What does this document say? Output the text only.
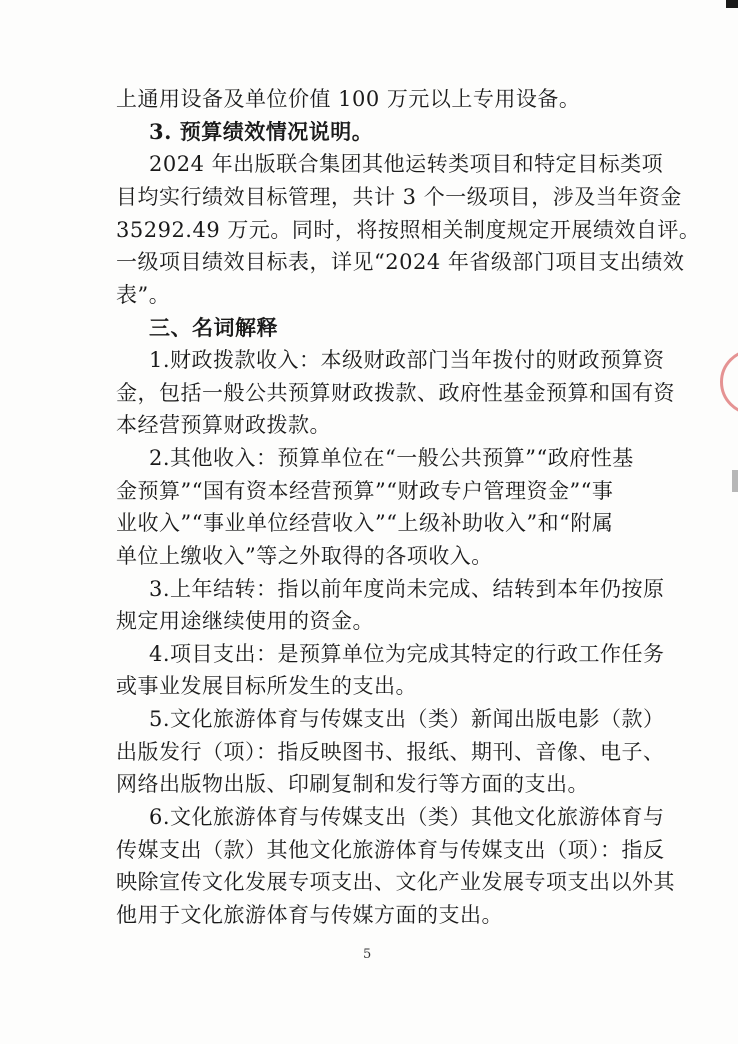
上通用设备及单位价值 100 万元以上专用设备。
3. 预算绩效情况说明。
2024 年出版联合集团其他运转类项目和特定目标类项
目均实行绩效目标管理，共计 3 个一级项目，涉及当年资金
35292.49 万元。同时，将按照相关制度规定开展绩效自评。
一级项目绩效目标表，详见“2024 年省级部门项目支出绩效
表”。
三、名词解释
1.财政拨款收入：本级财政部门当年拨付的财政预算资
金，包括一般公共预算财政拨款、政府性基金预算和国有资
本经营预算财政拨款。
2.其他收入：预算单位在“一般公共预算”“政府性基
金预算”“国有资本经营预算”“财政专户管理资金”“事
业收入”“事业单位经营收入”“上级补助收入”和“附属
单位上缴收入”等之外取得的各项收入。
3.上年结转：指以前年度尚未完成、结转到本年仍按原
规定用途继续使用的资金。
4.项目支出：是预算单位为完成其特定的行政工作任务
或事业发展目标所发生的支出。
5.文化旅游体育与传媒支出（类）新闻出版电影（款）
出版发行（项）：指反映图书、报纸、期刊、音像、电子、
网络出版物出版、印刷复制和发行等方面的支出。
6.文化旅游体育与传媒支出（类）其他文化旅游体育与
传媒支出（款）其他文化旅游体育与传媒支出（项）：指反
映除宣传文化发展专项支出、文化产业发展专项支出以外其
他用于文化旅游体育与传媒方面的支出。
5
